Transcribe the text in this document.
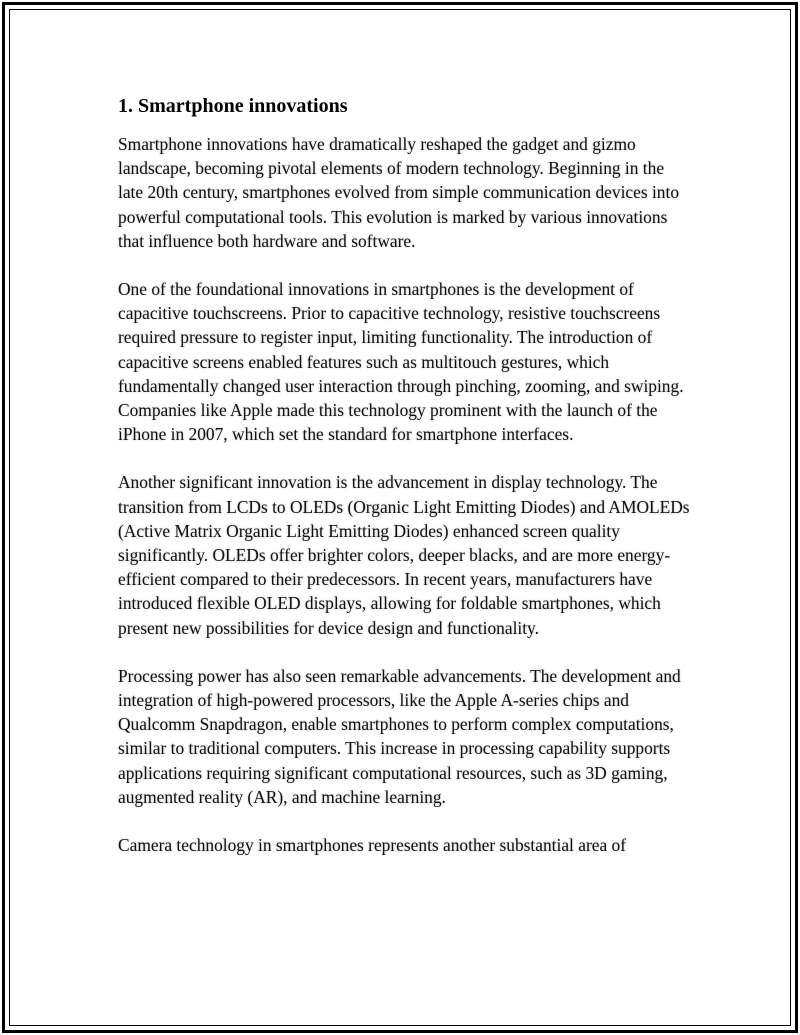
1. Smartphone innovations

Smartphone innovations have dramatically reshaped the gadget and gizmo landscape, becoming pivotal elements of modern technology. Beginning in the late 20th century, smartphones evolved from simple communication devices into powerful computational tools. This evolution is marked by various innovations that influence both hardware and software.

One of the foundational innovations in smartphones is the development of capacitive touchscreens. Prior to capacitive technology, resistive touchscreens required pressure to register input, limiting functionality. The introduction of capacitive screens enabled features such as multitouch gestures, which fundamentally changed user interaction through pinching, zooming, and swiping. Companies like Apple made this technology prominent with the launch of the iPhone in 2007, which set the standard for smartphone interfaces.

Another significant innovation is the advancement in display technology. The transition from LCDs to OLEDs (Organic Light Emitting Diodes) and AMOLEDs (Active Matrix Organic Light Emitting Diodes) enhanced screen quality significantly. OLEDs offer brighter colors, deeper blacks, and are more energy-efficient compared to their predecessors. In recent years, manufacturers have introduced flexible OLED displays, allowing for foldable smartphones, which present new possibilities for device design and functionality.

Processing power has also seen remarkable advancements. The development and integration of high-powered processors, like the Apple A-series chips and Qualcomm Snapdragon, enable smartphones to perform complex computations, similar to traditional computers. This increase in processing capability supports applications requiring significant computational resources, such as 3D gaming, augmented reality (AR), and machine learning.

Camera technology in smartphones represents another substantial area of
